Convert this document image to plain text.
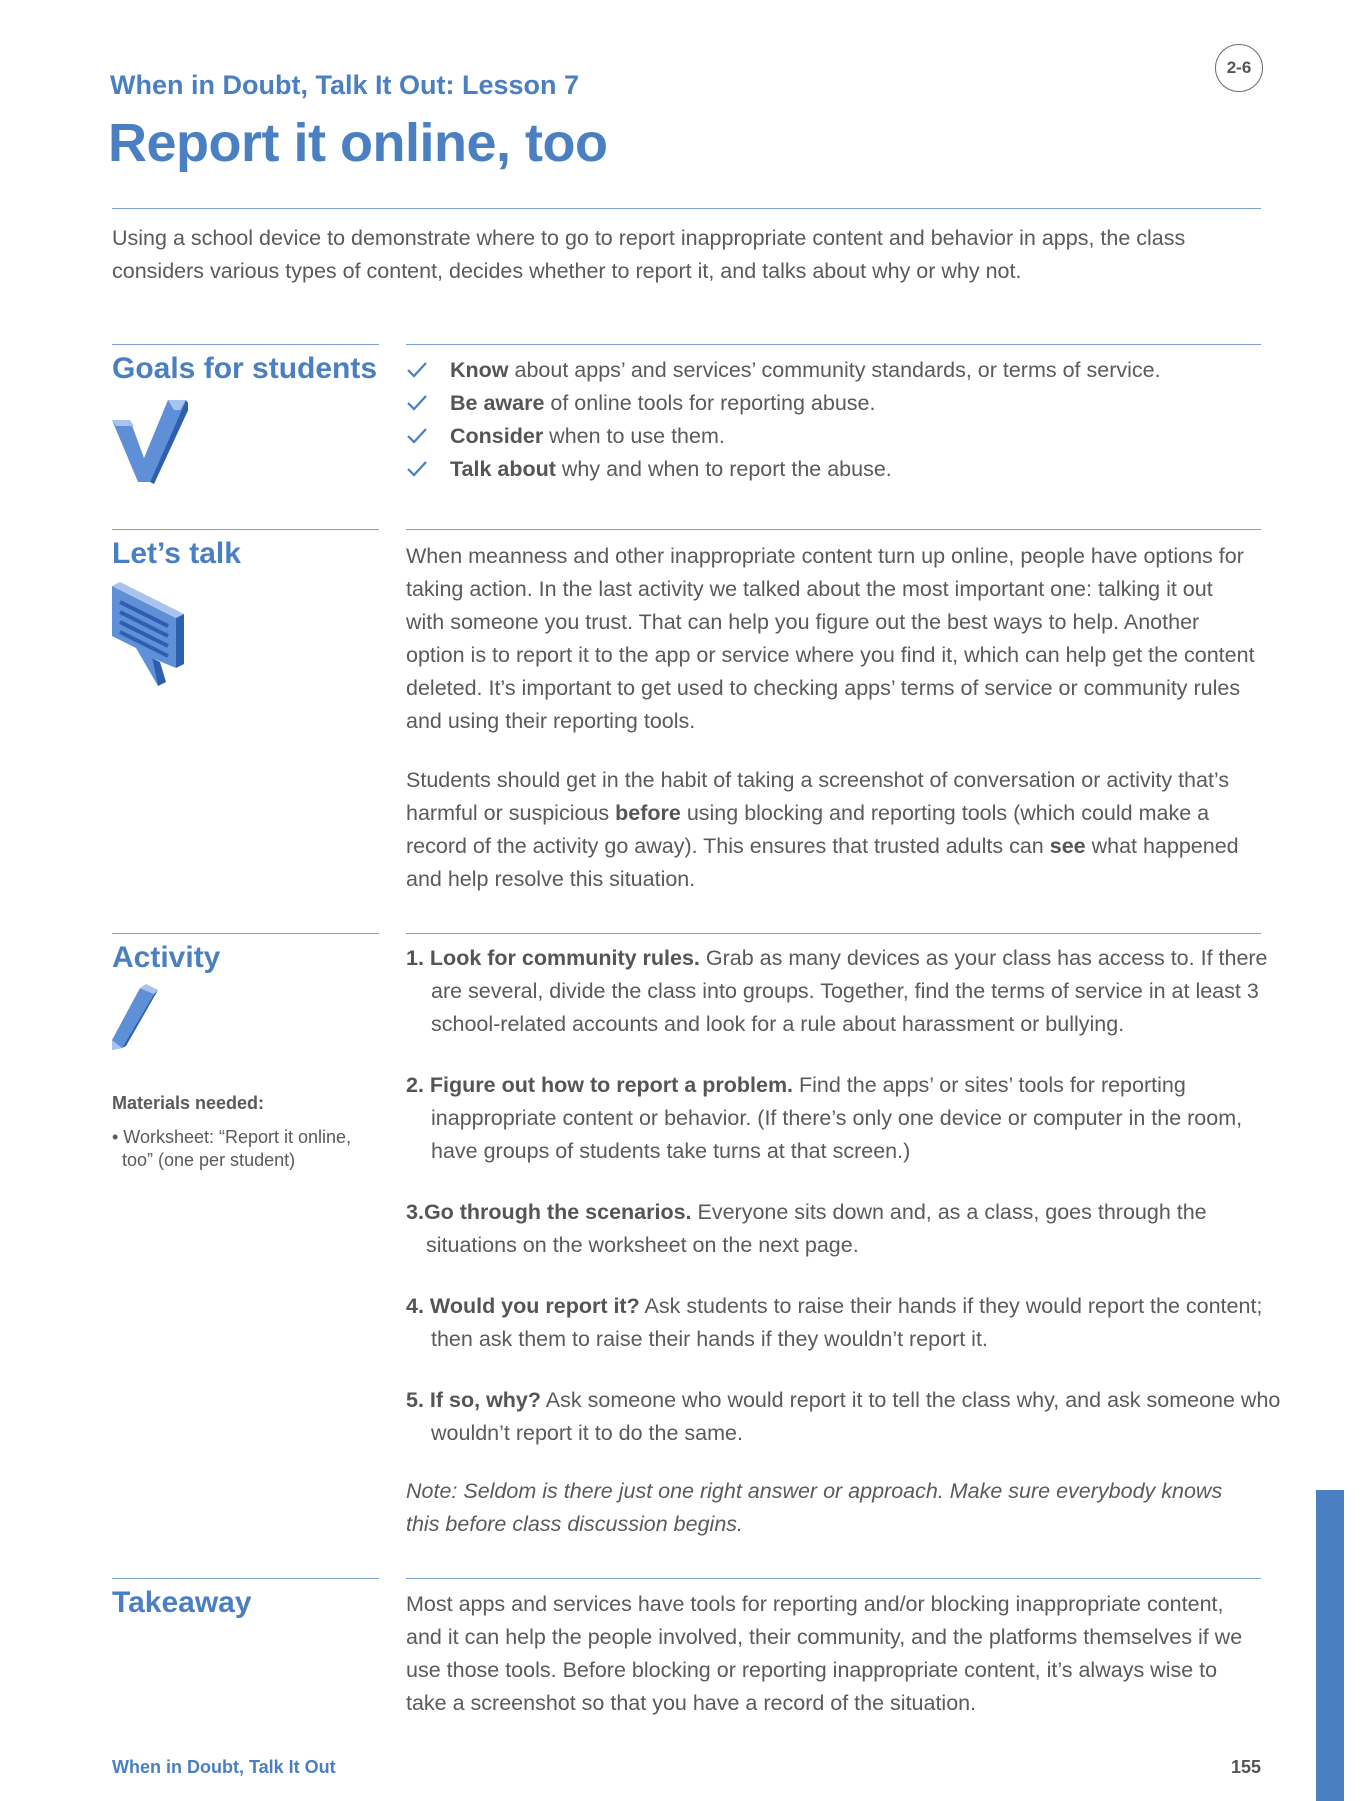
When in Doubt, Talk It Out: Lesson 7
Report it online, too
2-6

Using a school device to demonstrate where to go to report inappropriate content and behavior in apps, the class considers various types of content, decides whether to report it, and talks about why or why not.

Goals for students	Know about apps’ and services’ community standards, or terms of service.
Be aware of online tools for reporting abuse.
Consider when to use them.
Talk about why and when to report the abuse.
Let’s talk	When meanness and other inappropriate content turn up online, people have options for taking action. In the last activity we talked about the most important one: talking it out with someone you trust. That can help you figure out the best ways to help. Another option is to report it to the app or service where you find it, which can help get the content deleted. It’s important to get used to checking apps’ terms of service or community rules and using their reporting tools.

Students should get in the habit of taking a screenshot of conversation or activity that’s harmful or suspicious before using blocking and reporting tools (which could make a record of the activity go away). This ensures that trusted adults can see what happened and help resolve this situation.

Activity
Materials needed:
• Worksheet: “Report it online, too” (one per student)

1. Look for community rules. Grab as many devices as your class has access to. If there are several, divide the class into groups. Together, find the terms of service in at least 3 school-related accounts and look for a rule about harassment or bullying.

2. Figure out how to report a problem. Find the apps’ or sites’ tools for reporting inappropriate content or behavior. (If there’s only one device or computer in the room, have groups of students take turns at that screen.)

3.Go through the scenarios. Everyone sits down and, as a class, goes through the situations on the worksheet on the next page.

4. Would you report it? Ask students to raise their hands if they would report the content; then ask them to raise their hands if they wouldn’t report it.

5. If so, why? Ask someone who would report it to tell the class why, and ask someone who wouldn’t report it to do the same.

Note: Seldom is there just one right answer or approach. Make sure everybody knows this before class discussion begins.

Takeaway	Most apps and services have tools for reporting and/or blocking inappropriate content, and it can help the people involved, their community, and the platforms themselves if we use those tools. Before blocking or reporting inappropriate content, it’s always wise to take a screenshot so that you have a record of the situation.

When in Doubt, Talk It Out	155
